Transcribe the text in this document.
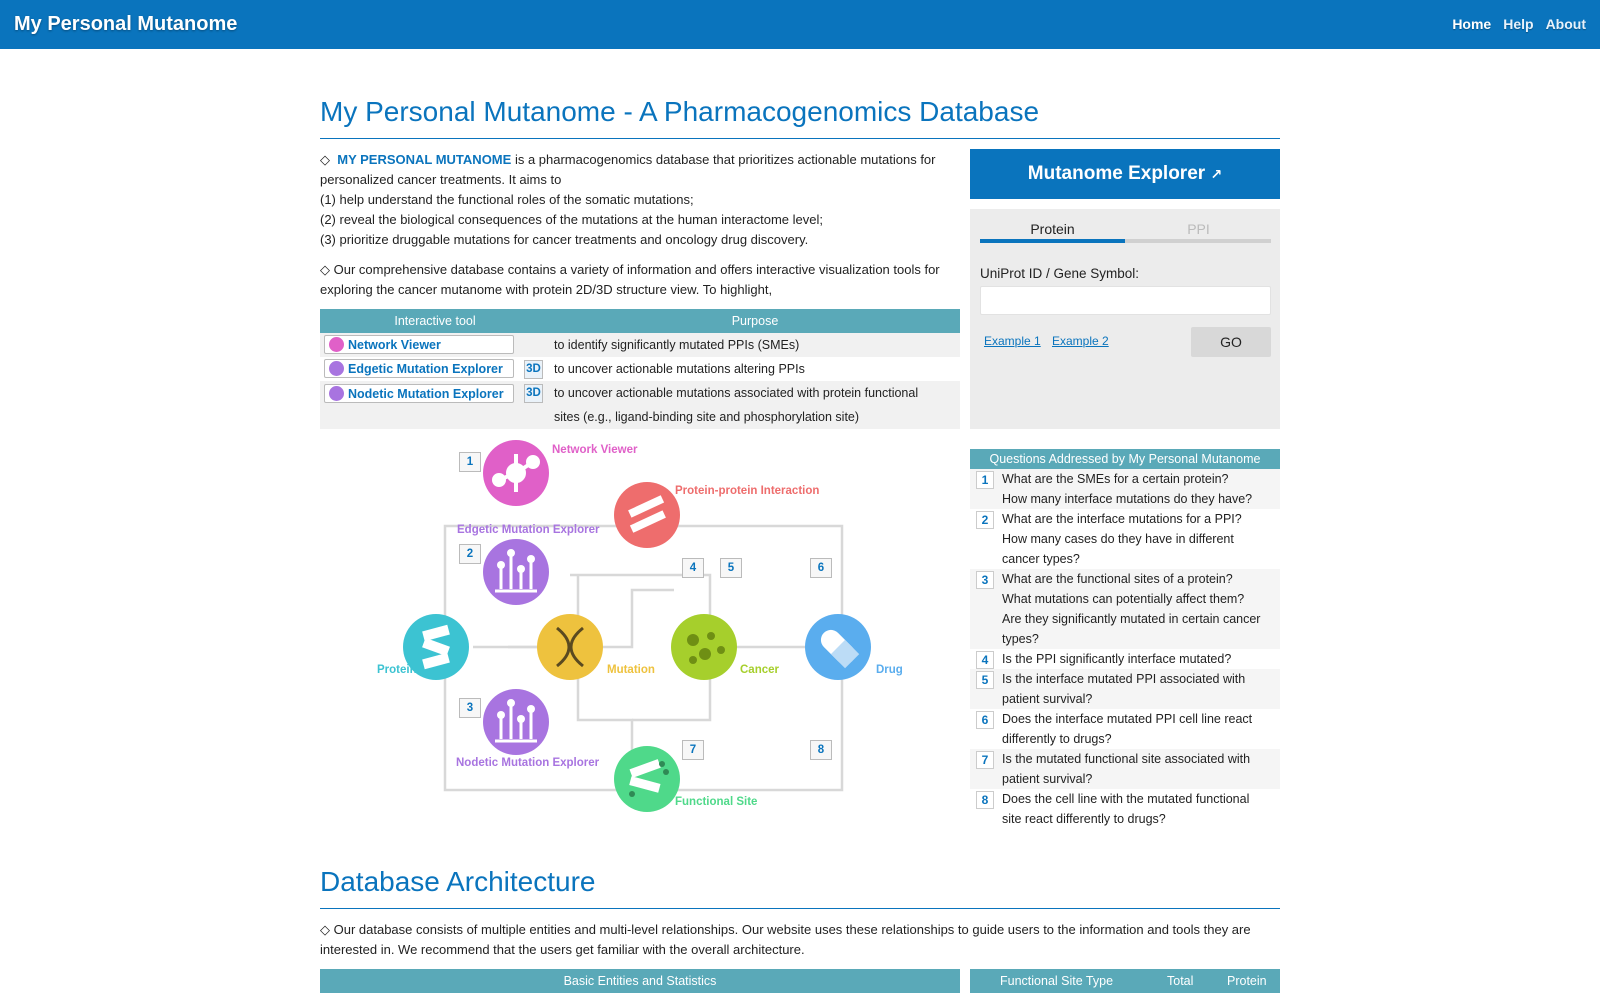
My Personal Mutanome	Home Help About
My Personal Mutanome - A Pharmacogenomics Database
◇ MY PERSONAL MUTANOME is a pharmacogenomics database that prioritizes actionable mutations for personalized cancer treatments. It aims to
(1) help understand the functional roles of the somatic mutations;
(2) reveal the biological consequences of the mutations at the human interactome level;
(3) prioritize druggable mutations for cancer treatments and oncology drug discovery.
◇ Our comprehensive database contains a variety of information and offers interactive visualization tools for exploring the cancer mutanome with protein 2D/3D structure view. To highlight,
Interactive tool		Purpose

Network Viewer		to identify significantly mutated PPIs (SMEs)

Edgetic Mutation Explorer	3D	to uncover actionable mutations altering PPIs

Nodetic Mutation Explorer	3D	to uncover actionable mutations associated with protein functional sites (e.g., ligand-binding site and phosphorylation site)
Mutanome Explorer ↗
Protein	PPI
UniProt ID / Gene Symbol:
Example 1 Example 2	GO
Network Viewer
Protein-protein Interaction
Edgetic Mutation Explorer
Protein	Mutation	Cancer	Drug
Nodetic Mutation Explorer
Functional Site
1
2
3
4	5	6
7	8
Questions Addressed by My Personal Mutanome
1	What are the SMEs for a certain protein?
How many interface mutations do they have?
2	What are the interface mutations for a PPI?
How many cases do they have in different cancer types?
3	What are the functional sites of a protein?
What mutations can potentially affect them?
Are they significantly mutated in certain cancer types?
4	Is the PPI significantly interface mutated?
5	Is the interface mutated PPI associated with patient survival?
6	Does the interface mutated PPI cell line react differently to drugs?
7	Is the mutated functional site associated with patient survival?
8	Does the cell line with the mutated functional site react differently to drugs?
Database Architecture
◇ Our database consists of multiple entities and multi-level relationships. Our website uses these relationships to guide users to the information and tools they are interested in. We recommend that the users get familiar with the overall architecture.
Basic Entities and Statistics	Functional Site Type	Total	Protein
